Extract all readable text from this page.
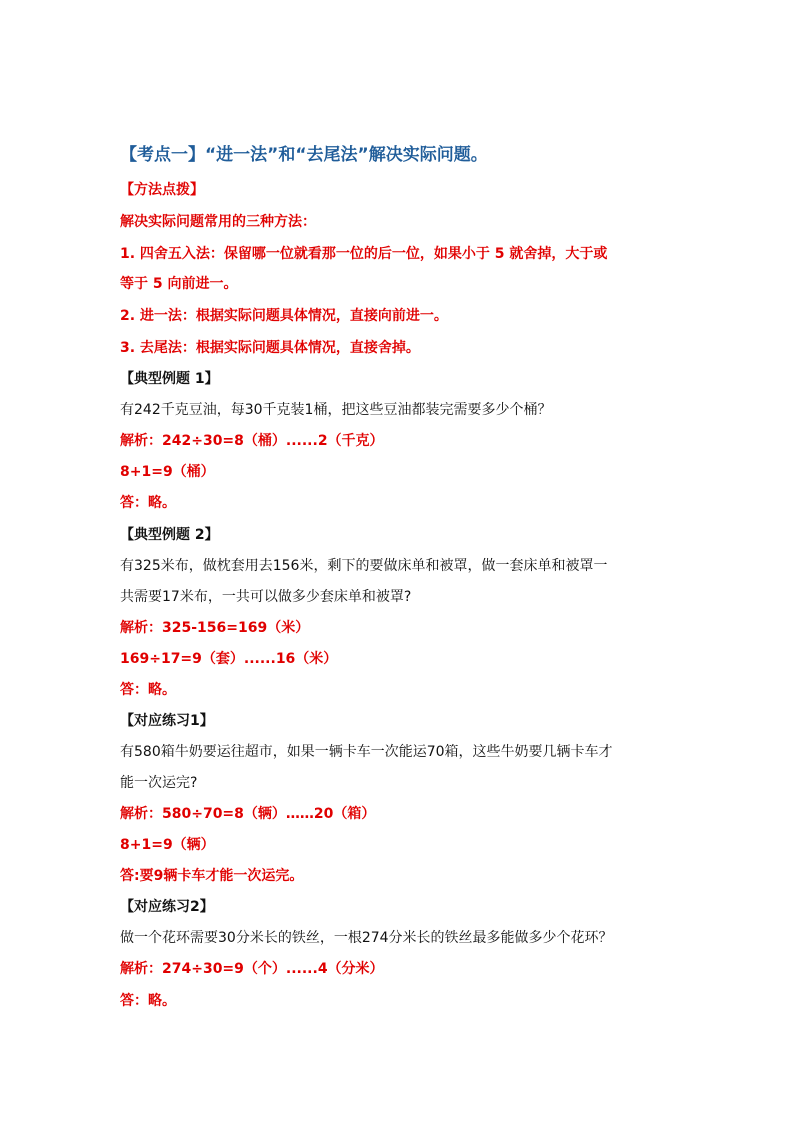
【考点一】“进一法”和“去尾法”解决实际问题。

【方法点拨】

解决实际问题常用的三种方法：

1. 四舍五入法：保留哪一位就看那一位的后一位，如果小于 5 就舍掉，大于或

等于 5 向前进一。

2. 进一法：根据实际问题具体情况，直接向前进一。

3. 去尾法：根据实际问题具体情况，直接舍掉。

【典型例题 1】

有242千克豆油，每30千克装1桶，把这些豆油都装完需要多少个桶？

解析：242÷30=8（桶）......2（千克）

8+1=9（桶）

答：略。

【典型例题 2】

有325米布，做枕套用去156米，剩下的要做床单和被罩，做一套床单和被罩一

共需要17米布，一共可以做多少套床单和被罩?

解析：325-156=169（米）

169÷17=9（套）......16（米）

答：略。

【对应练习1】

有580箱牛奶要运往超市，如果一辆卡车一次能运70箱，这些牛奶要几辆卡车才

能一次运完?

解析：580÷70=8（辆）……20（箱）

8+1=9（辆）

答:要9辆卡车才能一次运完。

【对应练习2】

做一个花环需要30分米长的铁丝，一根274分米长的铁丝最多能做多少个花环？

解析：274÷30=9（个）......4（分米）

答：略。
